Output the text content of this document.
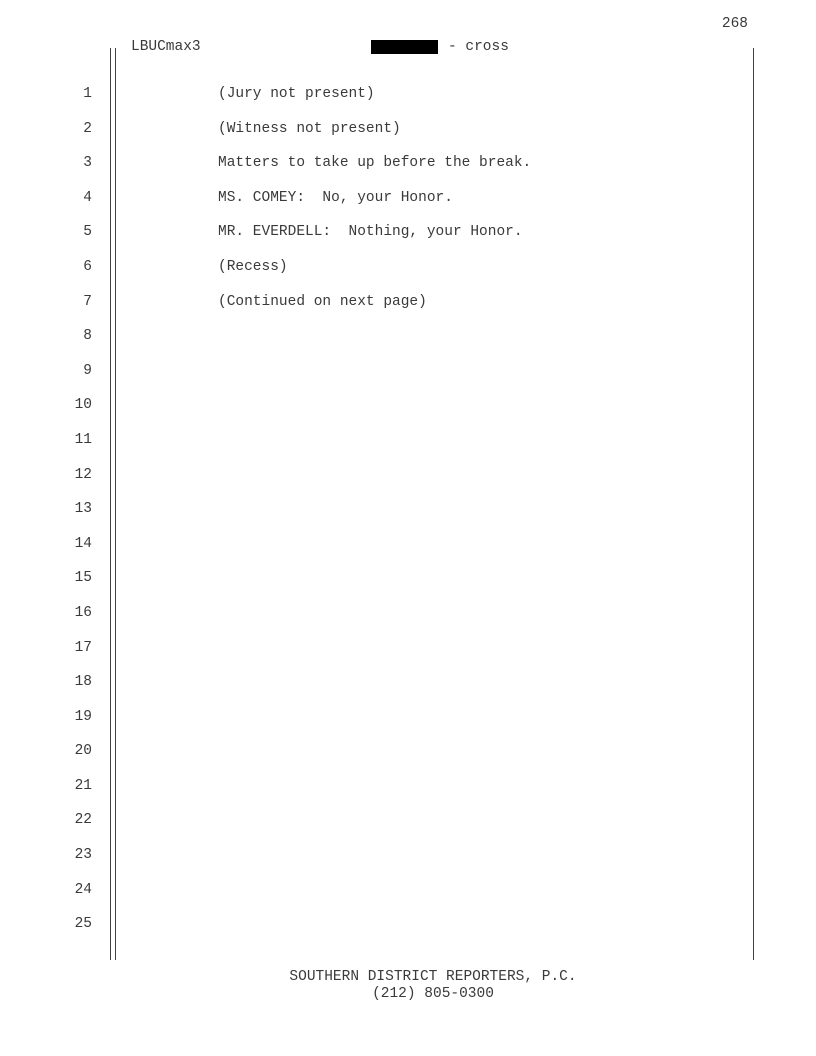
268
LBUCmax3	- cross
1
2
3
4
5
6
7
8
9
10
11
12
13
14
15
16
17
18
19
20
21
22
23
24
25
(Jury not present)
(Witness not present)
Matters to take up before the break.
MS. COMEY:  No, your Honor.
MR. EVERDELL:  Nothing, your Honor.
(Recess)
(Continued on next page)
SOUTHERN DISTRICT REPORTERS, P.C.
(212) 805-0300
